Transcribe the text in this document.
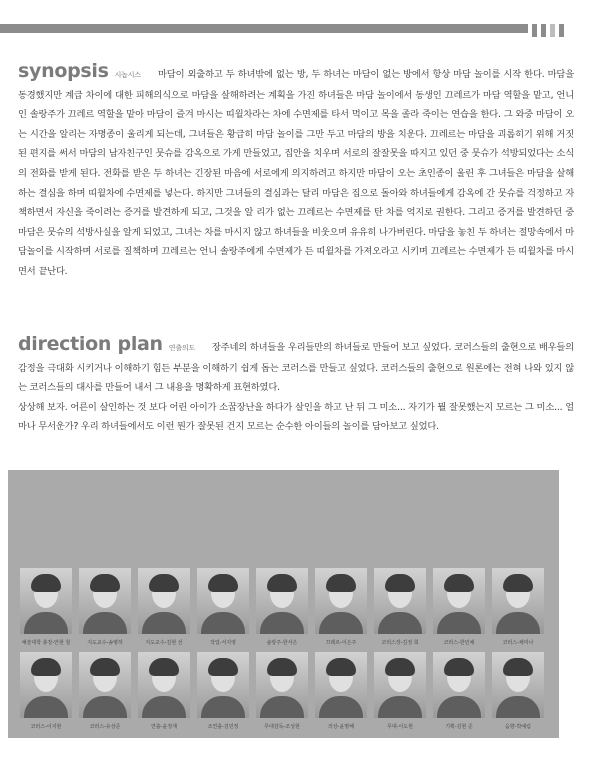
synopsis 시놉시스 마담이 외출하고 두 하녀밖에 없는 방, 두 하녀는 마담이 없는 방에서 항상 마담 놀이를 시작 한다. 마담을 동경했지만 계급 차이에 대한 피해의식으로 마담을 살해하려는 계획을 가진 하녀들은 마담 놀이에서 동생인 끄레르가 마담 역할을 맡고, 언니인 솔랑주가 끄레르 역할을 맡아 마담이 즐겨 마시는 띠윌차라는 차에 수면제를 타서 먹이고 목을 졸라 죽이는 연습을 한다. 그 와중 마담이 오는 시간을 알리는 자명종이 울리게 되는데, 그녀들은 황급히 마담 놀이를 그만 두고 마담의 방을 치운다. 끄레르는 마담을 괴롭히기 위해 거짓된 편지를 써서 마담의 남자친구인 뭇슈를 감옥으로 가게 만들었고, 집안을 치우며 서로의 잘잘못을 따지고 있던 중 뭇슈가 석방되었다는 소식의 전화를 받게 된다. 전화를 받은 두 하녀는 긴장된 마음에 서로에게 의지하려고 하지만 마담이 오는 초인종이 울린 후 그녀들은 마담을 살해하는 결심을 하며 띠윌차에 수면제를 넣는다. 하지만 그녀들의 결심과는 달리 마담은 집으로 돌아와 하녀들에게 감옥에 간 뭇슈를 걱정하고 자책하면서 자신을 죽이려는 증거를 발견하게 되고, 그것을 알 리가 없는 끄레르는 수면제를 탄 차를 억지로 권한다. 그리고 증거를 발견하던 중 마담은 뭇슈의 석방사실을 알게 되었고, 그녀는 차를 마시지 않고 하녀들을 비웃으며 유유히 나가버린다. 마담을 놓친 두 하녀는 절망속에서 마담놀이를 시작하며 서로를 질책하며 끄레르는 언니 솔랑주에게 수면제가 든 띠윌차를 가져오라고 시키며 끄레르는 수면제가 든 띠윌차를 마시면서 끝난다.

direction plan 연출의도 장주네의 하녀들을 우리들만의 하녀들로 만들어 보고 싶었다. 코러스들의 출현으로 배우들의 감정을 극대화 시키거나 이해하기 힘든 부분을 이해하기 쉽게 돕는 코러스를 만들고 싶었다. 코러스들의 출현으로 원론에는 전혀 나와 있지 않는 코러스들의 대사를 만들어 내서 그 내용을 명확하게 표현하였다.

상상해 보자. 어른이 살인하는 것 보다 어린 아이가 소꿉장난을 하다가 살인을 하고 난 뒤 그 미소... 자기가 뭘 잘못했는지 모르는 그 미소... 얼마나 무서운가? 우리 하녀들에서도 이런 뭔가 잘못된 건지 모르는 순수한 아이들의 놀이를 담아보고 싶었다.

예술대학 총장-안현 철	지도교수-송병하	지도교수-김현 선	작업-서지영	솔랑주-한서은	끄레르-이은주	코러스장-김정 희	코러스-한민채	코러스-채미나
코러스-이지현	코러스-유상준	연출-윤정재	조연출-김민정	무대감독-조성현	의상-윤명해	무대-이도현	기획-김현 준	음향-박예림
